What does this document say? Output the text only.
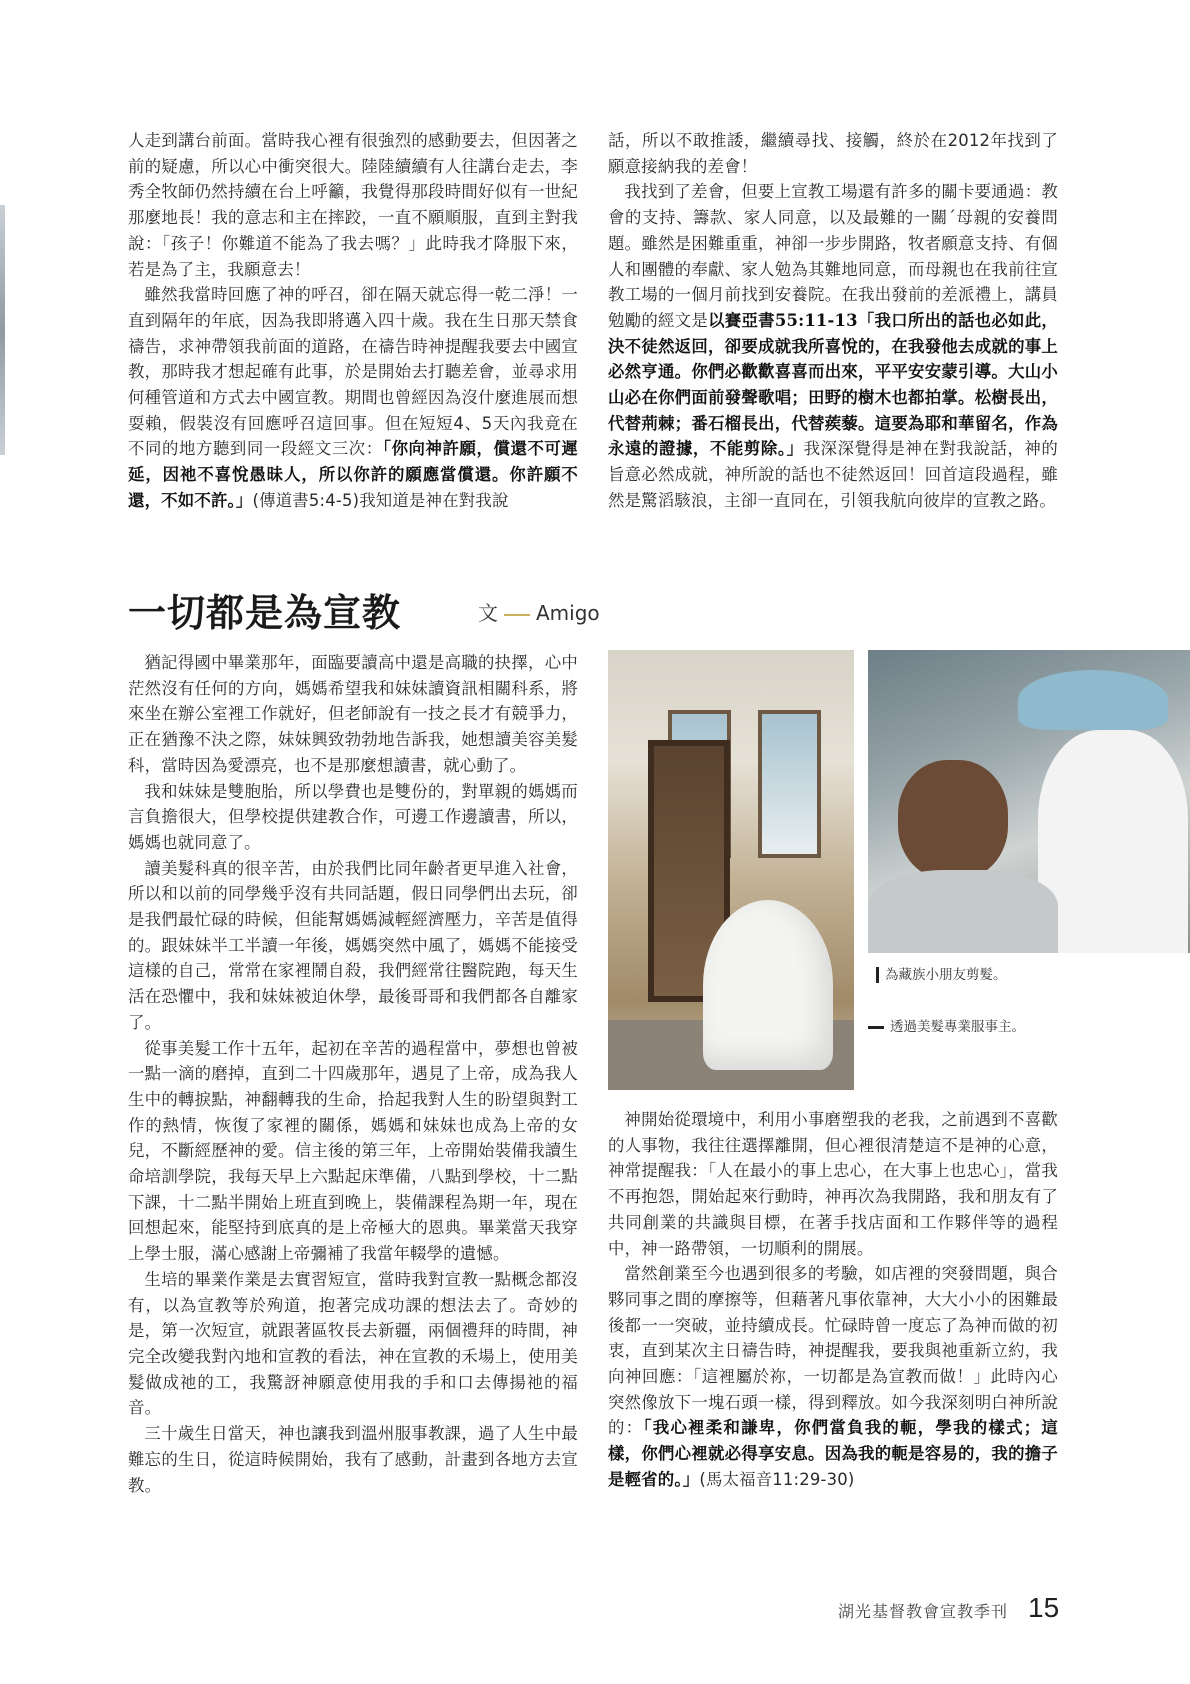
人走到講台前面。當時我心裡有很強烈的感動要去，但因著之前的疑慮，所以心中衝突很大。陸陸續續有人往講台走去，李秀全牧師仍然持續在台上呼籲，我覺得那段時間好似有一世紀那麼地長！我的意志和主在摔跤，一直不願順服，直到主對我說：「孩子！你難道不能為了我去嗎？」此時我才降服下來，若是為了主，我願意去！

雖然我當時回應了神的呼召，卻在隔天就忘得一乾二淨！一直到隔年的年底，因為我即將邁入四十歲。我在生日那天禁食禱告，求神帶領我前面的道路，在禱告時神提醒我要去中國宣教，那時我才想起確有此事，於是開始去打聽差會，並尋求用何種管道和方式去中國宣教。期間也曾經因為沒什麼進展而想耍賴，假裝沒有回應呼召這回事。但在短短4、5天內我竟在不同的地方聽到同一段經文三次：「你向神許願，償還不可遲延，因祂不喜悅愚昧人，所以你許的願應當償還。你許願不還，不如不許。」(傳道書5:4-5)我知道是神在對我說

話，所以不敢推諉，繼續尋找、接觸，終於在2012年找到了願意接納我的差會！

我找到了差會，但要上宣教工場還有許多的關卡要通過：教會的支持、籌款、家人同意，以及最難的一關ˊ母親的安養問題。雖然是困難重重，神卻一步步開路，牧者願意支持、有個人和團體的奉獻、家人勉為其難地同意，而母親也在我前往宣教工場的一個月前找到安養院。在我出發前的差派禮上，講員勉勵的經文是以賽亞書55:11-13「我口所出的話也必如此，決不徒然返回，卻要成就我所喜悅的，在我發他去成就的事上必然亨通。你們必歡歡喜喜而出來，平平安安蒙引導。大山小山必在你們面前發聲歌唱；田野的樹木也都拍掌。松樹長出，代替荊棘；番石榴長出，代替蒺藜。這要為耶和華留名，作為永遠的證據，不能剪除。」我深深覺得是神在對我說話，神的旨意必然成就，神所說的話也不徒然返回！回首這段過程，雖然是驚滔駭浪，主卻一直同在，引領我航向彼岸的宣教之路。

一切都是為宣教	文 Amigo

猶記得國中畢業那年，面臨要讀高中還是高職的抉擇，心中茫然沒有任何的方向，媽媽希望我和妹妹讀資訊相關科系，將來坐在辦公室裡工作就好，但老師說有一技之長才有競爭力，正在猶豫不決之際，妹妹興致勃勃地告訴我，她想讀美容美髮科，當時因為愛漂亮，也不是那麼想讀書，就心動了。

我和妹妹是雙胞胎，所以學費也是雙份的，對單親的媽媽而言負擔很大，但學校提供建教合作，可邊工作邊讀書，所以，媽媽也就同意了。

讀美髮科真的很辛苦，由於我們比同年齡者更早進入社會，所以和以前的同學幾乎沒有共同話題，假日同學們出去玩，卻是我們最忙碌的時候，但能幫媽媽減輕經濟壓力，辛苦是值得的。跟妹妹半工半讀一年後，媽媽突然中風了，媽媽不能接受這樣的自己，常常在家裡鬧自殺，我們經常往醫院跑，每天生活在恐懼中，我和妹妹被迫休學，最後哥哥和我們都各自離家了。

從事美髮工作十五年，起初在辛苦的過程當中，夢想也曾被一點一滴的磨掉，直到二十四歲那年，遇見了上帝，成為我人生中的轉捩點，神翻轉我的生命，拾起我對人生的盼望與對工作的熱情，恢復了家裡的關係，媽媽和妹妹也成為上帝的女兒，不斷經歷神的愛。信主後的第三年，上帝開始裝備我讀生命培訓學院，我每天早上六點起床準備，八點到學校，十二點下課，十二點半開始上班直到晚上，裝備課程為期一年，現在回想起來，能堅持到底真的是上帝極大的恩典。畢業當天我穿上學士服，滿心感謝上帝彌補了我當年輟學的遺憾。

生培的畢業作業是去實習短宣，當時我對宣教一點概念都沒有，以為宣教等於殉道，抱著完成功課的想法去了。奇妙的是，第一次短宣，就跟著區牧長去新疆，兩個禮拜的時間，神完全改變我對內地和宣教的看法，神在宣教的禾場上，使用美髮做成祂的工，我驚訝神願意使用我的手和口去傳揚祂的福音。

三十歲生日當天，神也讓我到溫州服事教課，過了人生中最難忘的生日，從這時候開始，我有了感動，計畫到各地方去宣教。

為藏族小朋友剪髮。
透過美髮專業服事主。

神開始從環境中，利用小事磨塑我的老我，之前遇到不喜歡的人事物，我往往選擇離開，但心裡很清楚這不是神的心意，神常提醒我：「人在最小的事上忠心，在大事上也忠心」，當我不再抱怨，開始起來行動時，神再次為我開路，我和朋友有了共同創業的共識與目標，在著手找店面和工作夥伴等的過程中，神一路帶領，一切順利的開展。

當然創業至今也遇到很多的考驗，如店裡的突發問題，與合夥同事之間的摩擦等，但藉著凡事依靠神，大大小小的困難最後都一一突破，並持續成長。忙碌時曾一度忘了為神而做的初衷，直到某次主日禱告時，神提醒我，要我與祂重新立約，我向神回應：「這裡屬於祢，一切都是為宣教而做！」此時內心突然像放下一塊石頭一樣，得到釋放。如今我深刻明白神所說的：「我心裡柔和謙卑，你們當負我的軛，學我的樣式；這樣，你們心裡就必得享安息。因為我的軛是容易的，我的擔子是輕省的。」(馬太福音11:29-30)

湖光基督教會宣教季刊 15
